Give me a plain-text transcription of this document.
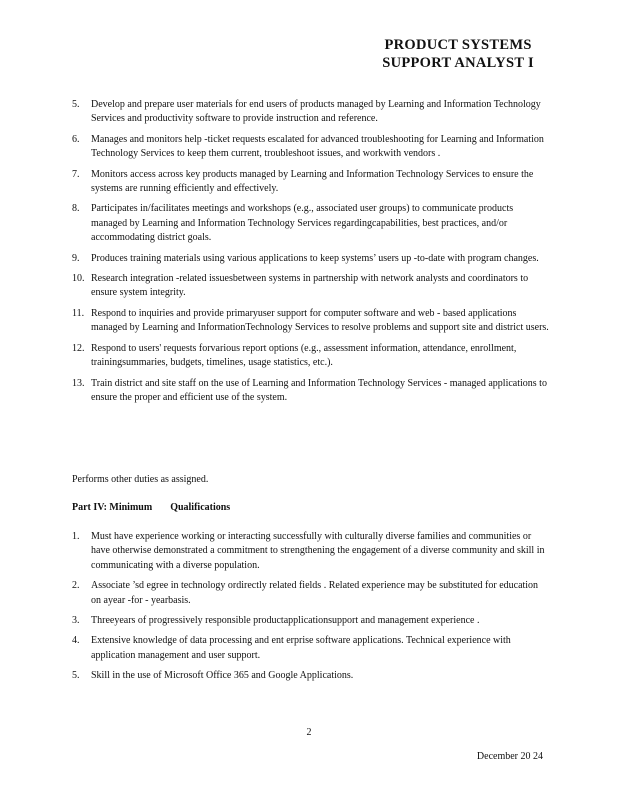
PRODUCT SYSTEMS
SUPPORT ANALYST I
5. Develop and prepare user materials for end users of products managed by Learning and Information Technology Services and productivity software to provide instruction and reference.
6. Manages and monitors help -ticket requests escalated for advanced troubleshooting for Learning and Information Technology Services to keep them current, troubleshoot issues, and workwith vendors .
7. Monitors access across key products managed by Learning and Information Technology Services to ensure the systems are running efficiently and effectively.
8. Participates in/facilitates meetings and workshops (e.g., associated user groups) to communicate products managed by Learning and Information Technology Services regardingcapabilities, best practices, and/or accommodating district goals.
9. Produces training materials using various applications to keep systems’ users up -to-date with program changes.
10. Research integration -related issuesbetween systems in partnership with network analysts and coordinators to ensure system integrity.
11. Respond to inquiries and provide primaryuser support for computer software and web - based applications managed by Learning and InformationTechnology Services to resolve problems and support site and district users.
12. Respond to users' requests forvarious report options (e.g., assessment information, attendance, enrollment, trainingsummaries, budgets, timelines, usage statistics, etc.).
13. Train district and site staff on the use of Learning and Information Technology Services - managed applications to ensure the proper and efficient use of the system.
Performs other duties as assigned.
Part IV: Minimum Qualifications
1. Must have experience working or interacting successfully with culturally diverse families and communities or have otherwise demonstrated a commitment to strengthening the engagement of a diverse community and skill in communicating with a diverse population.
2. Associate ’sd egree in technology ordirectly related fields . Related experience may be substituted for education on ayear -for - yearbasis.
3. Threeyears of progressively responsible productapplicationsupport and management experience .
4. Extensive knowledge of data processing and ent erprise software applications. Technical experience with application management and user support.
5. Skill in the use of Microsoft Office 365 and Google Applications.
2
December 20 24
